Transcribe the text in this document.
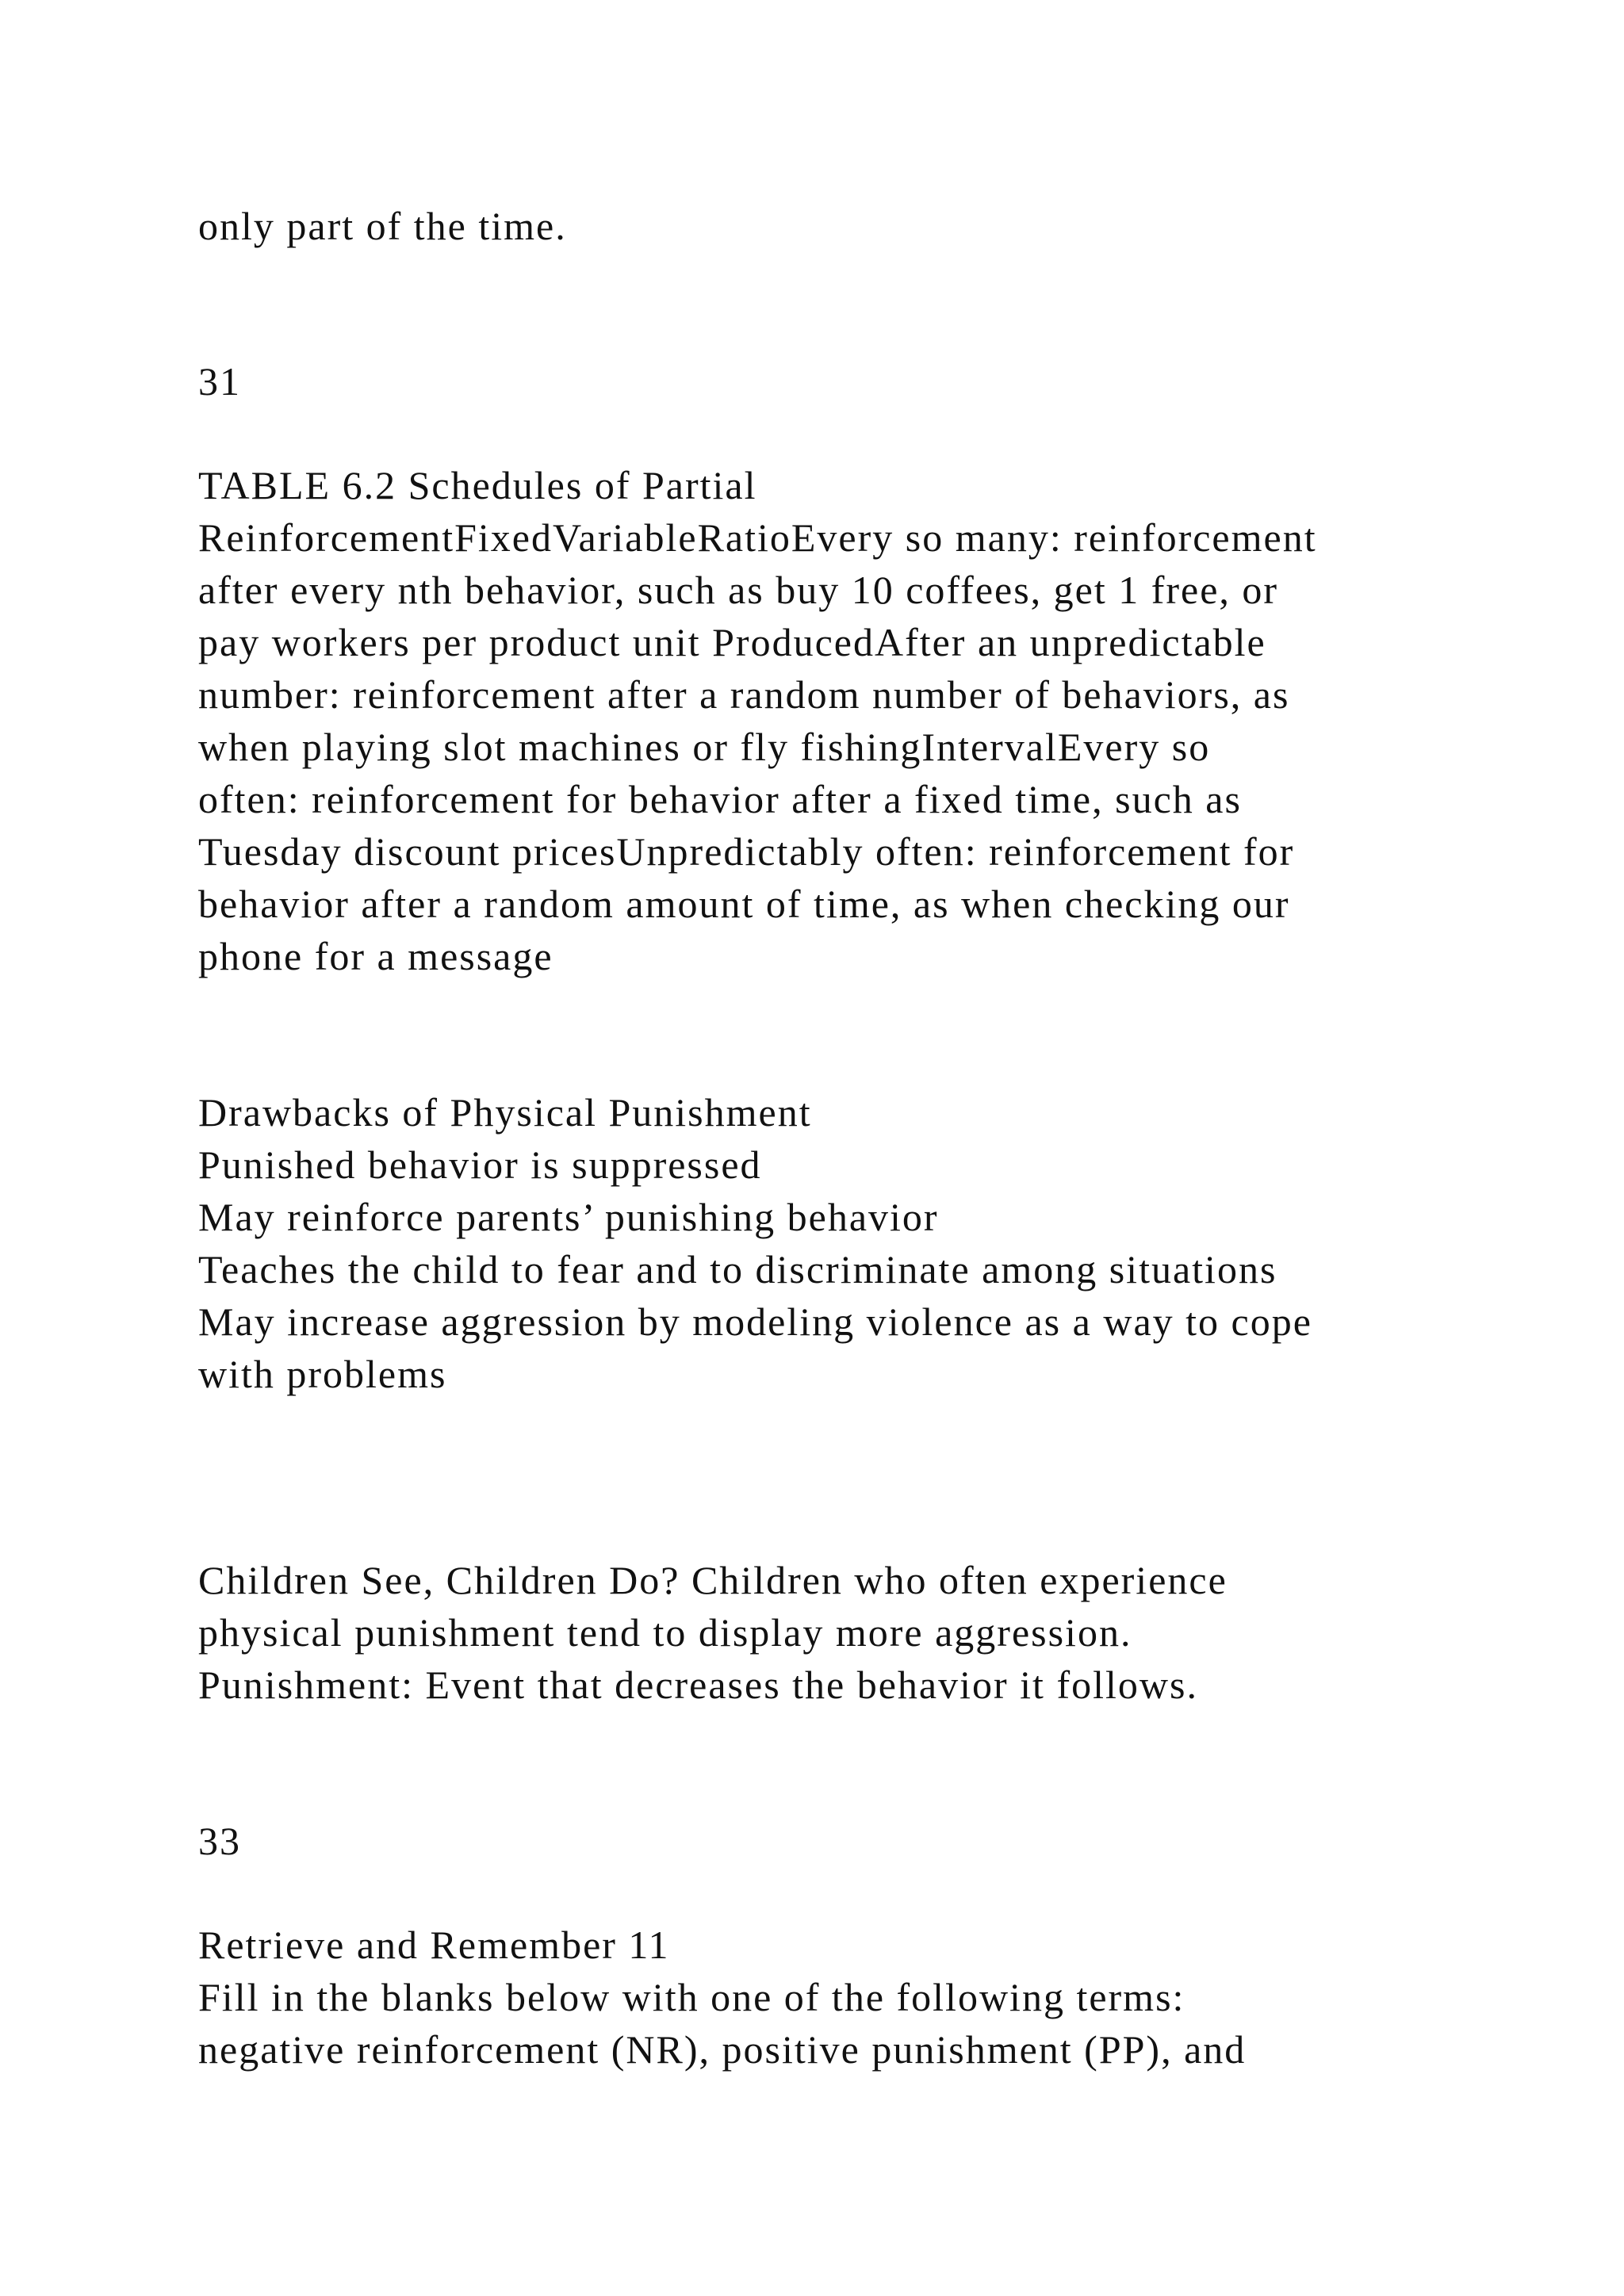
only part of the time.

31

TABLE 6.2 Schedules of Partial

ReinforcementFixedVariableRatioEvery so many: reinforcement

after every nth behavior, such as buy 10 coffees, get 1 free, or

pay workers per product unit ProducedAfter an unpredictable

number: reinforcement after a random number of behaviors, as

when playing slot machines or fly fishingIntervalEvery so

often: reinforcement for behavior after a fixed time, such as

Tuesday discount pricesUnpredictably often: reinforcement for

behavior after a random amount of time, as when checking our

phone for a message

Drawbacks of Physical Punishment

Punished behavior is suppressed

May reinforce parents’ punishing behavior

Teaches the child to fear and to discriminate among situations

May increase aggression by modeling violence as a way to cope

with problems

Children See, Children Do? Children who often experience

physical punishment tend to display more aggression.

Punishment: Event that decreases the behavior it follows.

33

Retrieve and Remember 11

Fill in the blanks below with one of the following terms:

negative reinforcement (NR), positive punishment (PP), and
